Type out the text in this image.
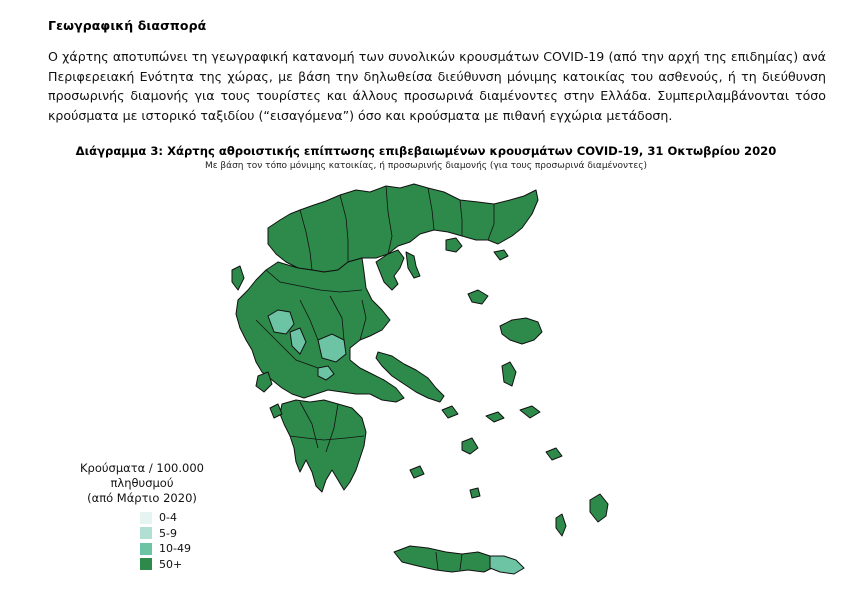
Γεωγραφική διασπορά
Ο χάρτης αποτυπώνει τη γεωγραφική κατανομή των συνολικών κρουσμάτων COVID-19 (από την αρχή της επιδημίας) ανά Περιφερειακή Ενότητα της χώρας, με βάση την δηλωθείσα διεύθυνση μόνιμης κατοικίας του ασθενούς, ή τη διεύθυνση προσωρινής διαμονής για τους τουρίστες και άλλους προσωρινά διαμένοντες στην Ελλάδα. Συμπεριλαμβάνονται τόσο κρούσματα με ιστορικό ταξιδίου (“εισαγόμενα”) όσο και κρούσματα με πιθανή εγχώρια μετάδοση.
Διάγραμμα 3: Χάρτης αθροιστικής επίπτωσης επιβεβαιωμένων κρουσμάτων COVID-19, 31 Οκτωβρίου 2020
Με βάση τον τόπο μόνιμης κατοικίας, ή προσωρινής διαμονής (για τους προσωρινά διαμένοντες)
Κρούσματα / 100.000 πληθυσμού
(από Μάρτιο 2020)
0-4
5-9
10-49
50+
